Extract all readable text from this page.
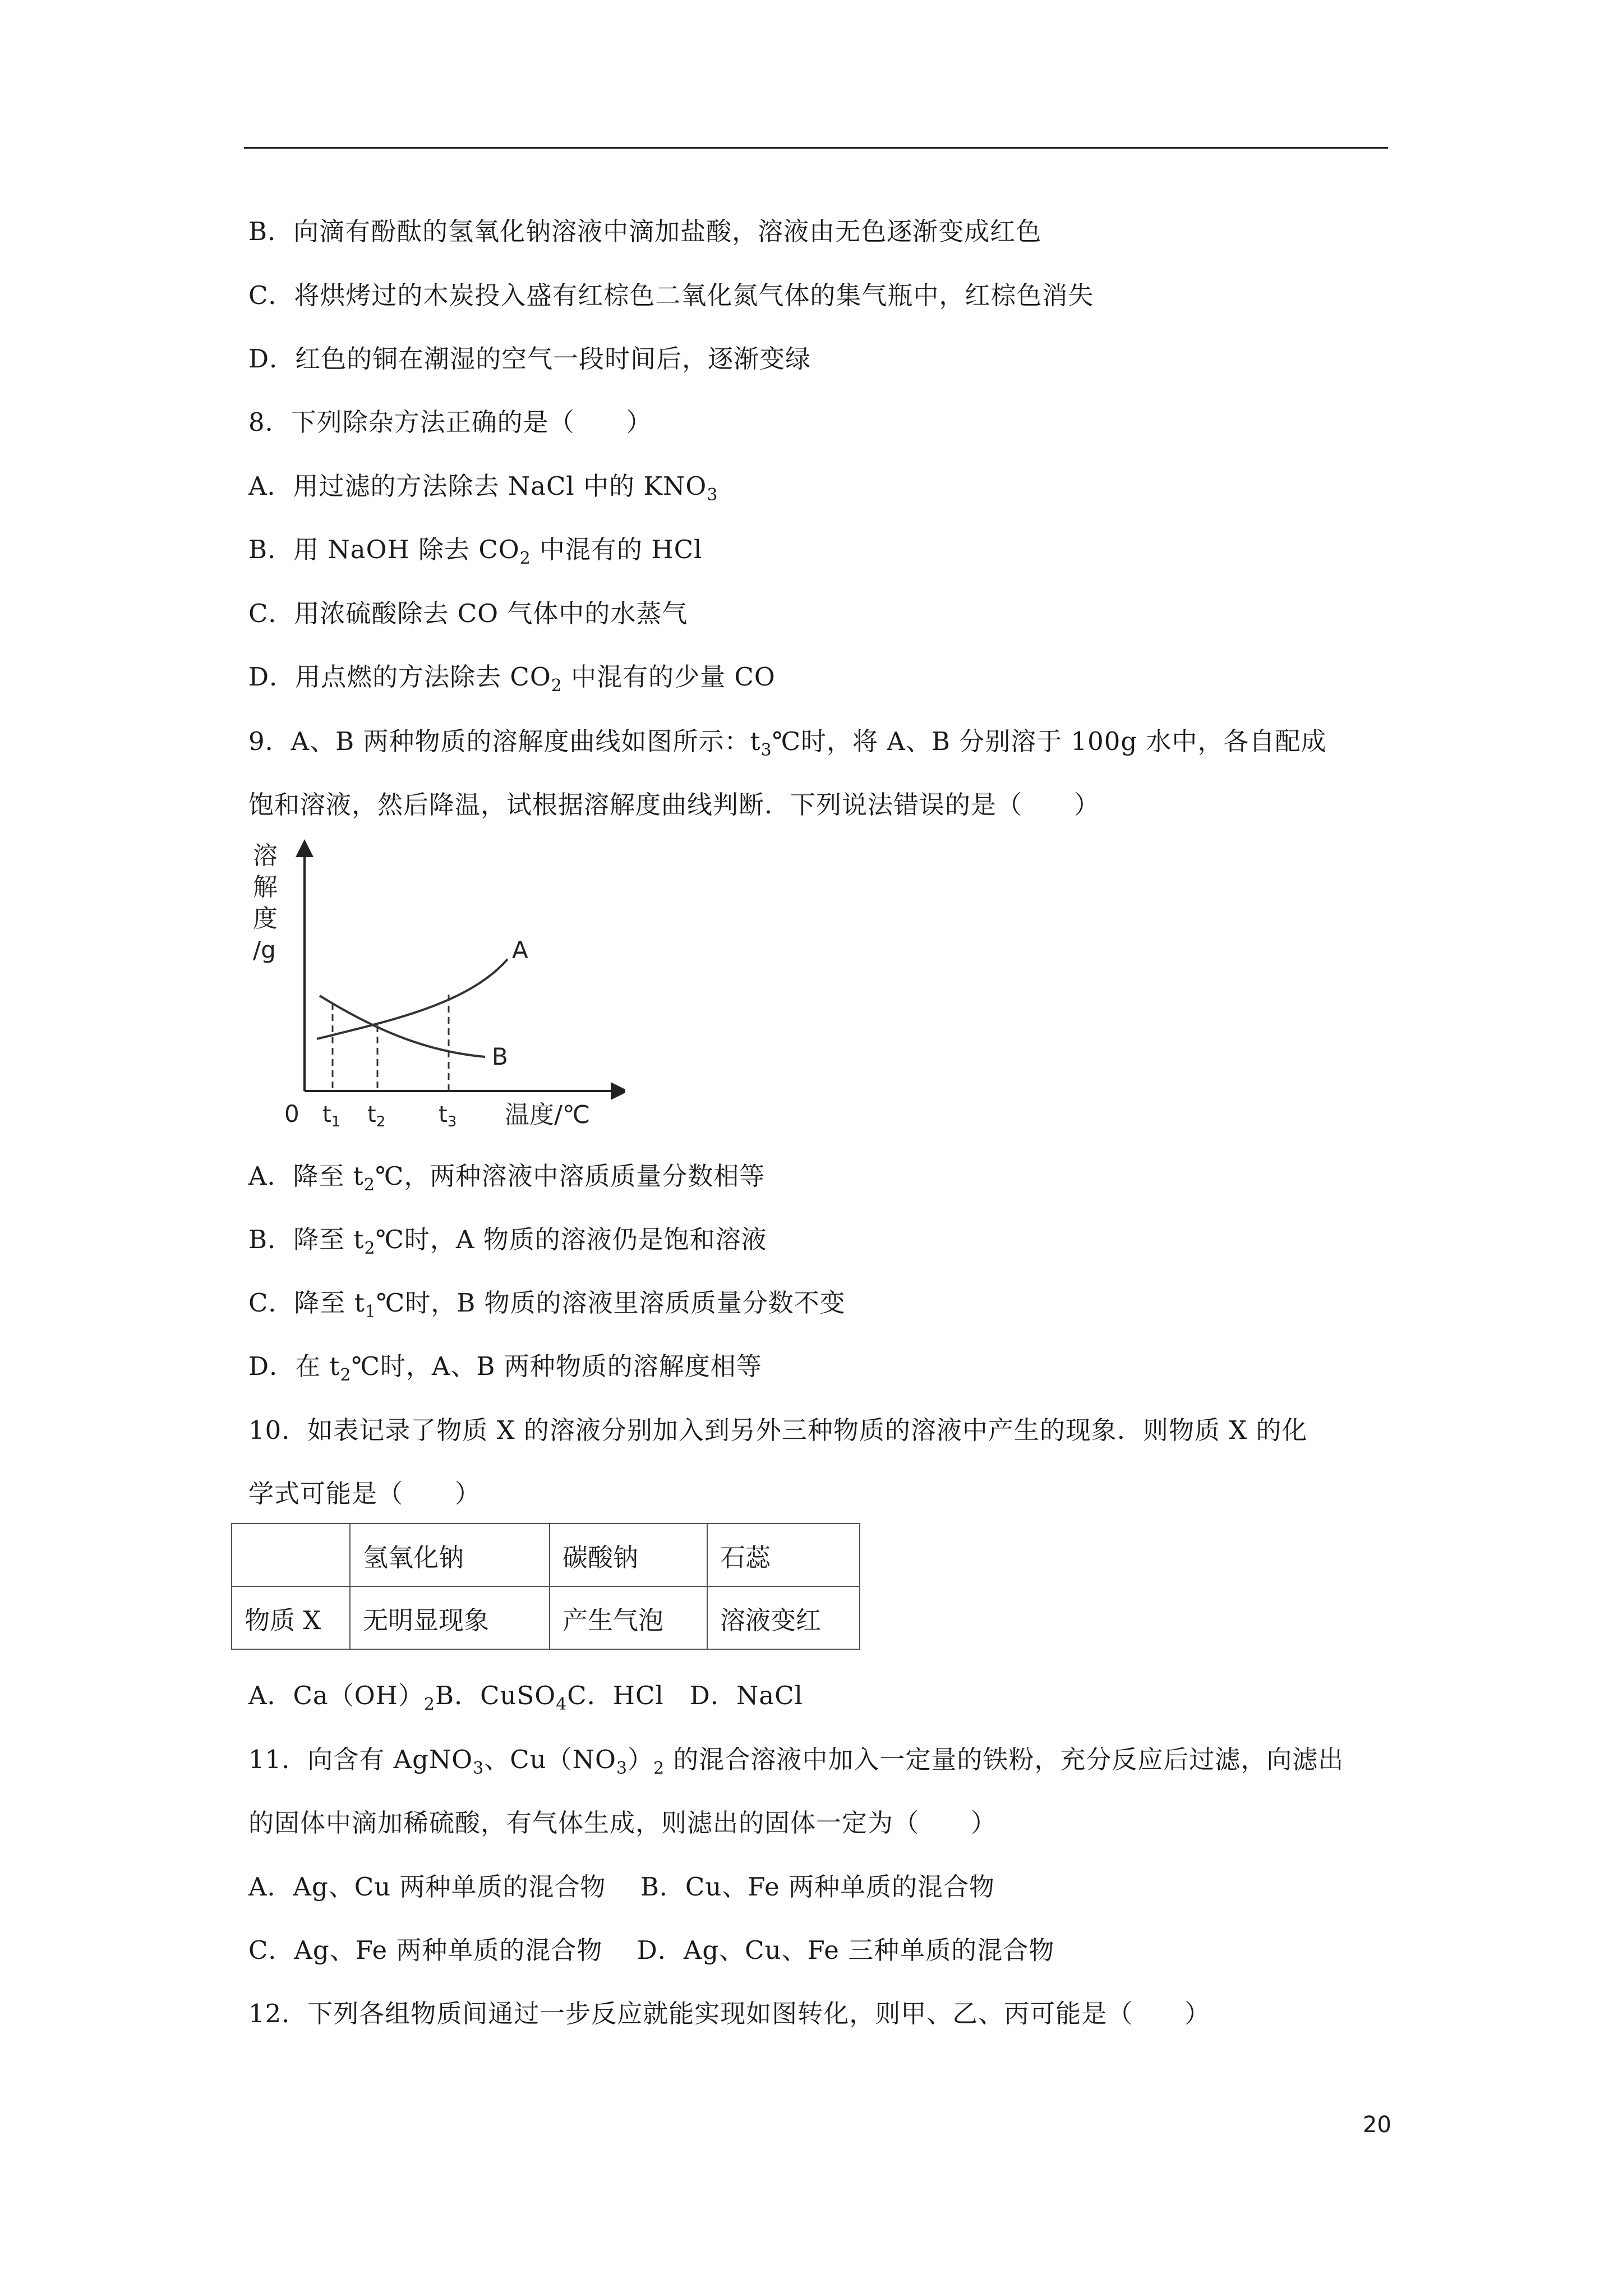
B．向滴有酚酞的氢氧化钠溶液中滴加盐酸，溶液由无色逐渐变成红色
C．将烘烤过的木炭投入盛有红棕色二氧化氮气体的集气瓶中，红棕色消失
D．红色的铜在潮湿的空气一段时间后，逐渐变绿
8．下列除杂方法正确的是（　　）
A．用过滤的方法除去 NaCl 中的 $KNO_3$
B．用 NaOH 除去 $CO_2$ 中混有的 HCl
C．用浓硫酸除去 CO 气体中的水蒸气
D．用点燃的方法除去 $CO_2$ 中混有的少量 CO
9．A、B 两种物质的溶解度曲线如图所示：$t_3℃$时，将 A、B 分别溶于 100g 水中，各自配成
饱和溶液，然后降温，试根据溶解度曲线判断．下列说法错误的是（　　）
溶
解
度
/g	A
B
0 $t_1$ $t_2$ $t_3$ 温度/℃
A．降至 $t_2℃$，两种溶液中溶质质量分数相等
B．降至 $t_2℃$时，A 物质的溶液仍是饱和溶液
C．降至 $t_1℃$时，B 物质的溶液里溶质质量分数不变
D．在 $t_2℃$时，A、B 两种物质的溶解度相等
10．如表记录了物质 X 的溶液分别加入到另外三种物质的溶液中产生的现象．则物质 X 的化
学式可能是（　　）
	氢氧化钠	碳酸钠	石蕊
物质 X	无明显现象	产生气泡	溶液变红
A．$Ca(OH)_2B$．CuSO$_4$C．HCl　D．NaCl
11．向含有 AgNO$_3$、$Cu(NO_3)_2$ 的混合溶液中加入一定量的铁粉，充分反应后过滤，向滤出
的固体中滴加稀硫酸，有气体生成，则滤出的固体一定为（　　）
A．Ag、Cu 两种单质的混合物　 B．Cu、Fe 两种单质的混合物
C．Ag、Fe 两种单质的混合物　 D．Ag、Cu、Fe 三种单质的混合物
12．下列各组物质间通过一步反应就能实现如图转化，则甲、乙、丙可能是（　　）
20
